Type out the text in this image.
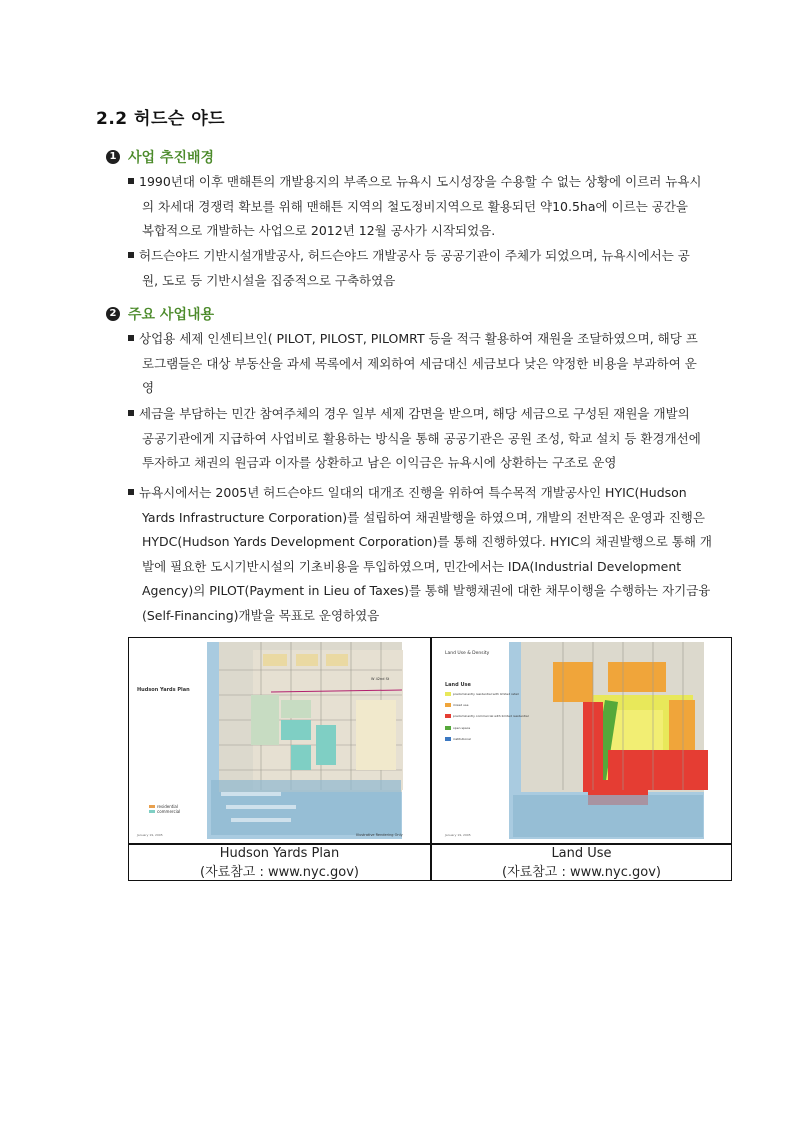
2.2 허드슨 야드
1 사업 추진배경
1990년대 이후 맨해튼의 개발용지의 부족으로 뉴욕시 도시성장을 수용할 수 없는 상황에 이르러 뉴욕시
의 차세대 경쟁력 확보를 위해 맨해튼 지역의 철도정비지역으로 활용되던 약10.5ha에 이르는 공간을
복합적으로 개발하는 사업으로 2012년 12월 공사가 시작되었음.
허드슨야드 기반시설개발공사, 허드슨야드 개발공사 등 공공기관이 주체가 되었으며, 뉴욕시에서는 공
원, 도로 등 기반시설을 집중적으로 구축하였음
2 주요 사업내용
상업용 세제 인센티브인( PILOT, PILOST, PILOMRT 등을 적극 활용하여 재원을 조달하였으며, 해당 프
로그램들은 대상 부동산을 과세 목록에서 제외하여 세금대신 세금보다 낮은 약정한 비용을 부과하여 운
영
세금을 부담하는 민간 참여주체의 경우 일부 세제 감면을 받으며, 해당 세금으로 구성된 재원을 개발의
공공기관에게 지급하여 사업비로 활용하는 방식을 통해 공공기관은 공원 조성, 학교 설치 등 환경개선에
투자하고 채권의 원금과 이자를 상환하고 남은 이익금은 뉴욕시에 상환하는 구조로 운영
뉴욕시에서는 2005년 허드슨야드 일대의 대개조 진행을 위하여 특수목적 개발공사인 HYIC(Hudson
Yards Infrastructure Corporation)를 설립하여 채권발행을 하였으며, 개발의 전반적은 운영과 진행은
HYDC(Hudson Yards Development Corporation)를 통해 진행하였다. HYIC의 채권발행으로 통해 개
발에 필요한 도시기반시설의 기초비용을 투입하였으며, 민간에서는 IDA(Industrial Development
Agency)의 PILOT(Payment in Lieu of Taxes)를 통해 발행채권에 대한 채무이행을 수행하는 자기금융
(Self-Financing)개발을 목표로 운영하였음
Hudson Yards Plan
residential
commercial
January 19, 2005	Illustrative Rendering Only
W 42nd St
Land Use & Density
Land Use
predominantly residential with limited retail
mixed use
predominantly commercial with limited residential
open space
institutional
January 19, 2005
Hudson Yards Plan
(자료참고 : www.nyc.gov)
Land Use
(자료참고 : www.nyc.gov)
